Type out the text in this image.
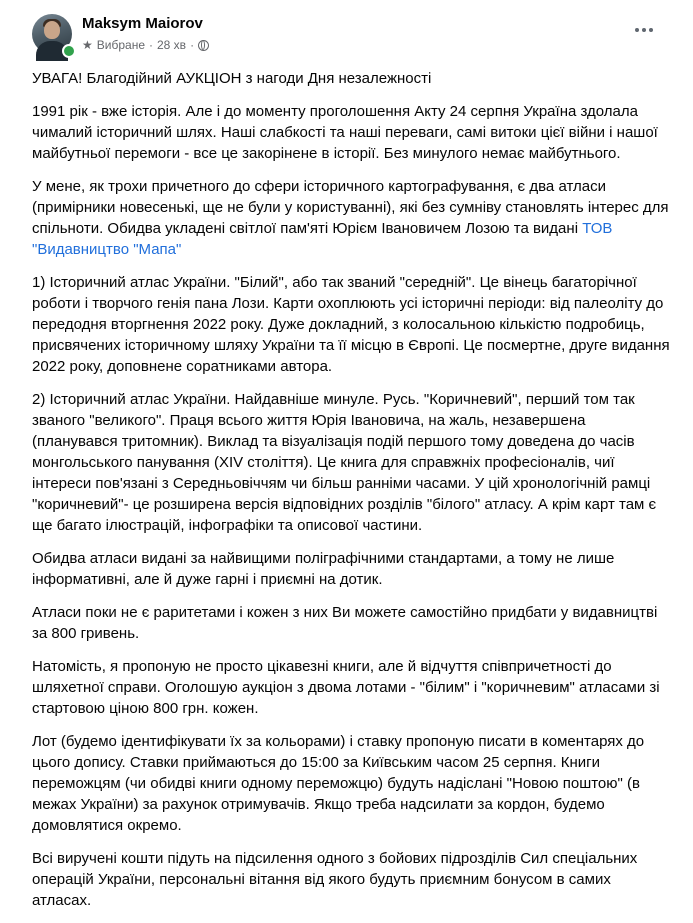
Maksym Maiorov
★ Вибране · 28 хв ·

УВАГА! Благодійний АУКЦІОН з нагоди Дня незалежності

1991 рік - вже історія. Але і до моменту проголошення Акту 24 серпня Україна здолала чималий історичний шлях. Наші слабкості та наші переваги, самі витоки цієї війни і нашої майбутньої перемоги - все це закорінене в історії. Без минулого немає майбутнього.

У мене, як трохи причетного до сфери історичного картографування, є два атласи (примірники новесенькі, ще не були у користуванні), які без сумніву становлять інтерес для спільноти. Обидва укладені світлої пам'яті Юрієм Івановичем Лозою та видані ТОВ "Видавництво "Мапа"

1) Історичний атлас України. "Білий", або так званий "середній". Це вінець багаторічної роботи і творчого генія пана Лози. Карти охоплюють усі історичні періоди: від палеоліту до передодня вторгнення 2022 року. Дуже докладний, з колосальною кількістю подробиць, присвячених історичному шляху України та її місцю в Європі. Це посмертне, друге видання 2022 року, доповнене соратниками автора.

2) Історичний атлас України. Найдавніше минуле. Русь. "Коричневий", перший том так званого "великого". Праця всього життя Юрія Івановича, на жаль, незавершена (планувався тритомник). Виклад та візуалізація подій першого тому доведена до часів монгольського панування (XIV століття). Це книга для справжніх професіоналів, чиї інтереси пов'язані з Середньовіччям чи більш ранніми часами. У цій хронологічній рамці "коричневий"- це розширена версія відповідних розділів "білого" атласу. А крім карт там є ще багато ілюстрацій, інфографіки та описової частини.

Обидва атласи видані за найвищими поліграфічними стандартами, а тому не лише інформативні, але й дуже гарні і приємні на дотик.

Атласи поки не є раритетами і кожен з них Ви можете самостійно придбати у видавництві за 800 гривень.

Натомість, я пропоную не просто цікавезні книги, але й відчуття співпричетності до шляхетної справи. Оголошую аукціон з двома лотами - "білим" і "коричневим" атласами зі стартовою ціною 800 грн. кожен.

Лот (будемо ідентифікувати їх за кольорами) і ставку пропоную писати в коментарях до цього допису. Ставки приймаються до 15:00 за Київським часом 25 серпня. Книги переможцям (чи обидві книги одному переможцю) будуть надіслані "Новою поштою" (в межах України) за рахунок отримувачів. Якщо треба надсилати за кордон, будемо домовлятися окремо.

Всі виручені кошти підуть на підсилення одного з бойових підрозділів Сил спеціальних операцій України, персональні вітання від якого будуть приємним бонусом в самих атласах.
